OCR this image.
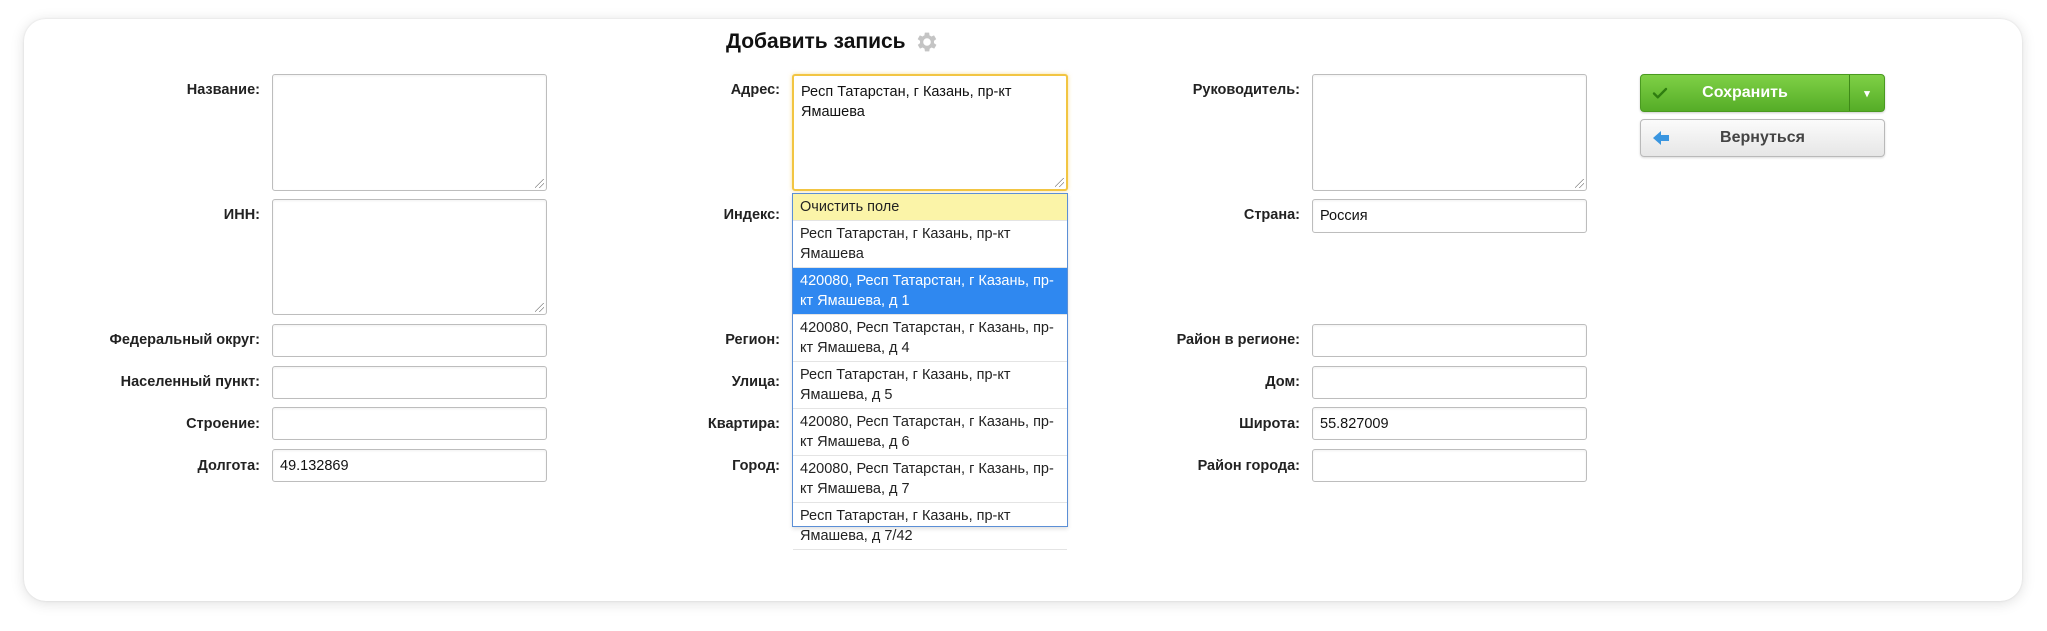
Добавить запись
Название:
ИНН:
Федеральный округ:
Населенный пункт:
Строение:
Долгота:	49.132869
Адрес:	Респ Татарстан, г Казань, пр-кт Ямашева
Индекс:
Регион:
Улица:
Квартира:
Город:
Очистить поле
Респ Татарстан, г Казань, пр-кт Ямашева
420080, Респ Татарстан, г Казань, пр-кт Ямашева, д 1
420080, Респ Татарстан, г Казань, пр-кт Ямашева, д 4
Респ Татарстан, г Казань, пр-кт Ямашева, д 5
420080, Респ Татарстан, г Казань, пр-кт Ямашева, д 6
420080, Респ Татарстан, г Казань, пр-кт Ямашева, д 7
Респ Татарстан, г Казань, пр-кт Ямашева, д 7/42
Руководитель:
Страна:	Россия
Район в регионе:
Дом:
Широта:	55.827009
Район города:
Сохранить	▾
Вернуться
